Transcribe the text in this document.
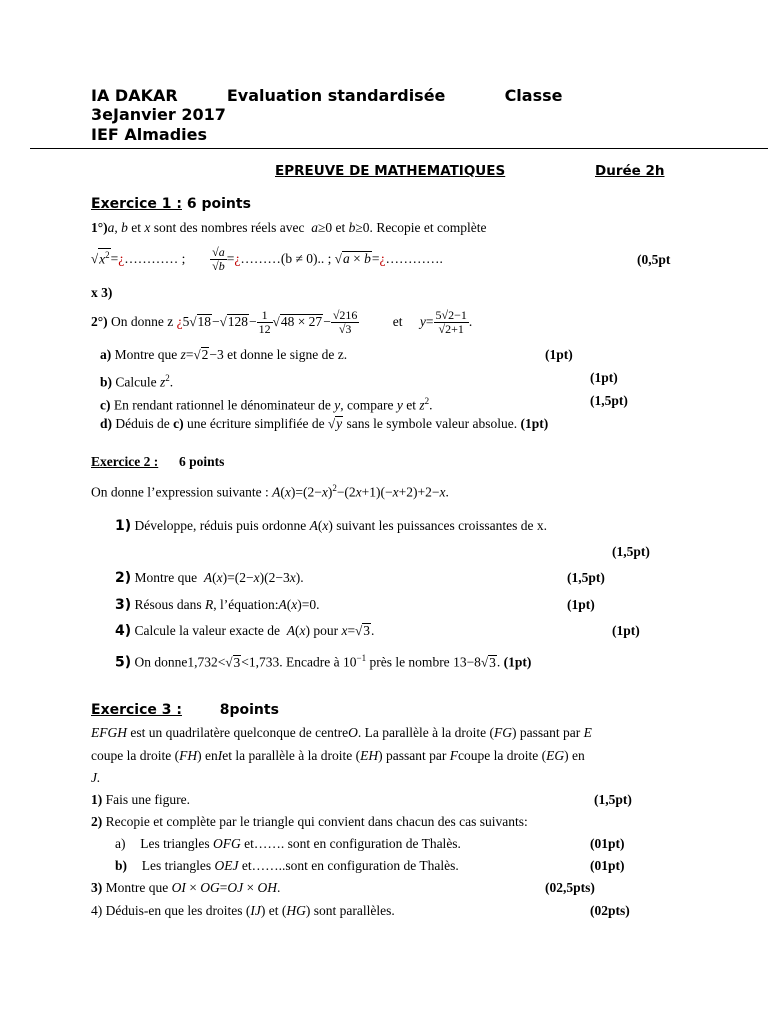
IA DAKAR	Evaluation standardisée	Classe
3eJanvier 2017
IEF Almadies
EPREUVE DE MATHEMATIQUES	Durée 2h
Exercice 1 : 6 points
1°)a, b et x sont des nombres réels avec a≥0 et b≥0. Recopie et complète
$√x^2=¿\dots\dots\dots\dots$ ; $\frac{√a}{√b}$ =¿………(b ≠ 0).. ; √a × b=¿………….	(0,5pt
x 3)
2°) On donne z ¿$5√18-√128- \frac{1}{12} √48 \times 27- \frac{√216}{√3}$ et $y= \frac{5√2-1}{√2+1}$ .
a) Montre que z=√2−3 et donne le signe de z.	(1pt)
b) Calcule $z^2$.	(1pt)
c) En rendant rationnel le dénominateur de y, compare y et $z^2$.	(1,5pt)
d) Déduis de c) une écriture simplifiée de √y sans le symbole valeur absolue. (1pt)
Exercice 2 : 6 points
On donne l’expression suivante : $A(x)=(2-x)^2-(2x+1)(-x+2)+2-x$.
1) Développe, réduis puis ordonne A(x) suivant les puissances croissantes de x.
(1,5pt)
2) Montre que A(x)=(2−x)(2−3x).	(1,5pt)
3) Résous dans R, l’équation:A(x)=0.	(1pt)
4) Calcule la valeur exacte de A(x) pour x=√3.	(1pt)
5) On donne1,732<√3<1,733. Encadre à $10^{-1}$ près le nombre 13−8√3. (1pt)
Exercice 3 :	8points
EFGH est un quadrilatère quelconque de centreO. La parallèle à la droite (FG) passant par E
coupe la droite (FH) enIet la parallèle à la droite (EH) passant par Fcoupe la droite (EG) en
J.
1) Fais une figure.	(1,5pt)
2) Recopie et complète par le triangle qui convient dans chacun des cas suivants:
a) Les triangles OFG et……. sont en configuration de Thalès.	(01pt)
b) Les triangles OEJ et……..sont en configuration de Thalès.	(01pt)
3) Montre que OI × OG=OJ × OH.	(02,5pts)
4) Déduis-en que les droites (IJ) et (HG) sont parallèles.	(02pts)
